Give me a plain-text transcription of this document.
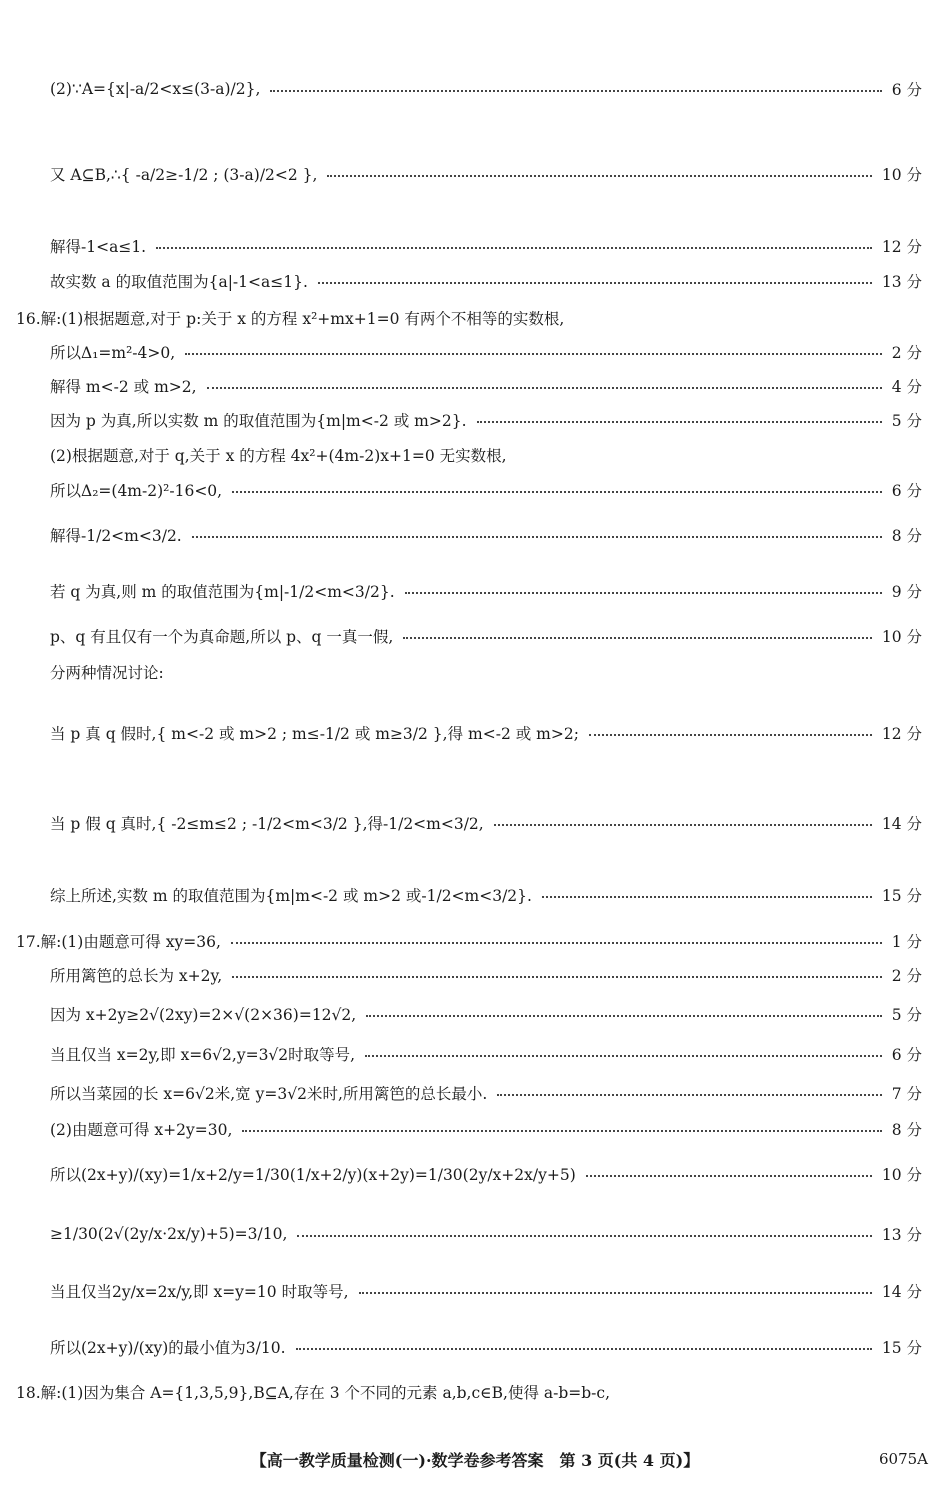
(2)∵A={x|-a/2<x≤(3-a)/2},	6 分
又 A⊆B,∴{ -a/2≥-1/2 ; (3-a)/2<2 },	10 分
解得-1<a≤1.	12 分
故实数 a 的取值范围为{a|-1<a≤1}.	13 分
16.解:(1)根据题意,对于 p:关于 x 的方程 x²+mx+1=0 有两个不相等的实数根,
所以Δ₁=m²-4>0,	2 分
解得 m<-2 或 m>2,	4 分
因为 p 为真,所以实数 m 的取值范围为{m|m<-2 或 m>2}.	5 分
(2)根据题意,对于 q,关于 x 的方程 4x²+(4m-2)x+1=0 无实数根,
所以Δ₂=(4m-2)²-16<0,	6 分
解得-1/2<m<3/2.	8 分
若 q 为真,则 m 的取值范围为{m|-1/2<m<3/2}.	9 分
p、q 有且仅有一个为真命题,所以 p、q 一真一假,	10 分
分两种情况讨论:
当 p 真 q 假时,{ m<-2 或 m>2 ; m≤-1/2 或 m≥3/2 },得 m<-2 或 m>2;	12 分
当 p 假 q 真时,{ -2≤m≤2 ; -1/2<m<3/2 },得-1/2<m<3/2,	14 分
综上所述,实数 m 的取值范围为{m|m<-2 或 m>2 或-1/2<m<3/2}.	15 分
17.解:(1)由题意可得 xy=36,	1 分
所用篱笆的总长为 x+2y,	2 分
因为 x+2y≥2√(2xy)=2×√(2×36)=12√2,	5 分
当且仅当 x=2y,即 x=6√2,y=3√2时取等号,	6 分
所以当菜园的长 x=6√2米,宽 y=3√2米时,所用篱笆的总长最小.	7 分
(2)由题意可得 x+2y=30,	8 分
所以(2x+y)/(xy)=1/x+2/y=1/30(1/x+2/y)(x+2y)=1/30(2y/x+2x/y+5)	10 分
≥1/30(2√(2y/x·2x/y)+5)=3/10,	13 分
当且仅当2y/x=2x/y,即 x=y=10 时取等号,	14 分
所以(2x+y)/(xy)的最小值为3/10.	15 分
18.解:(1)因为集合 A={1,3,5,9},B⊆A,存在 3 个不同的元素 a,b,c∈B,使得 a-b=b-c,
【高一教学质量检测(一)·数学卷参考答案　第 3 页(共 4 页)】	6075A
